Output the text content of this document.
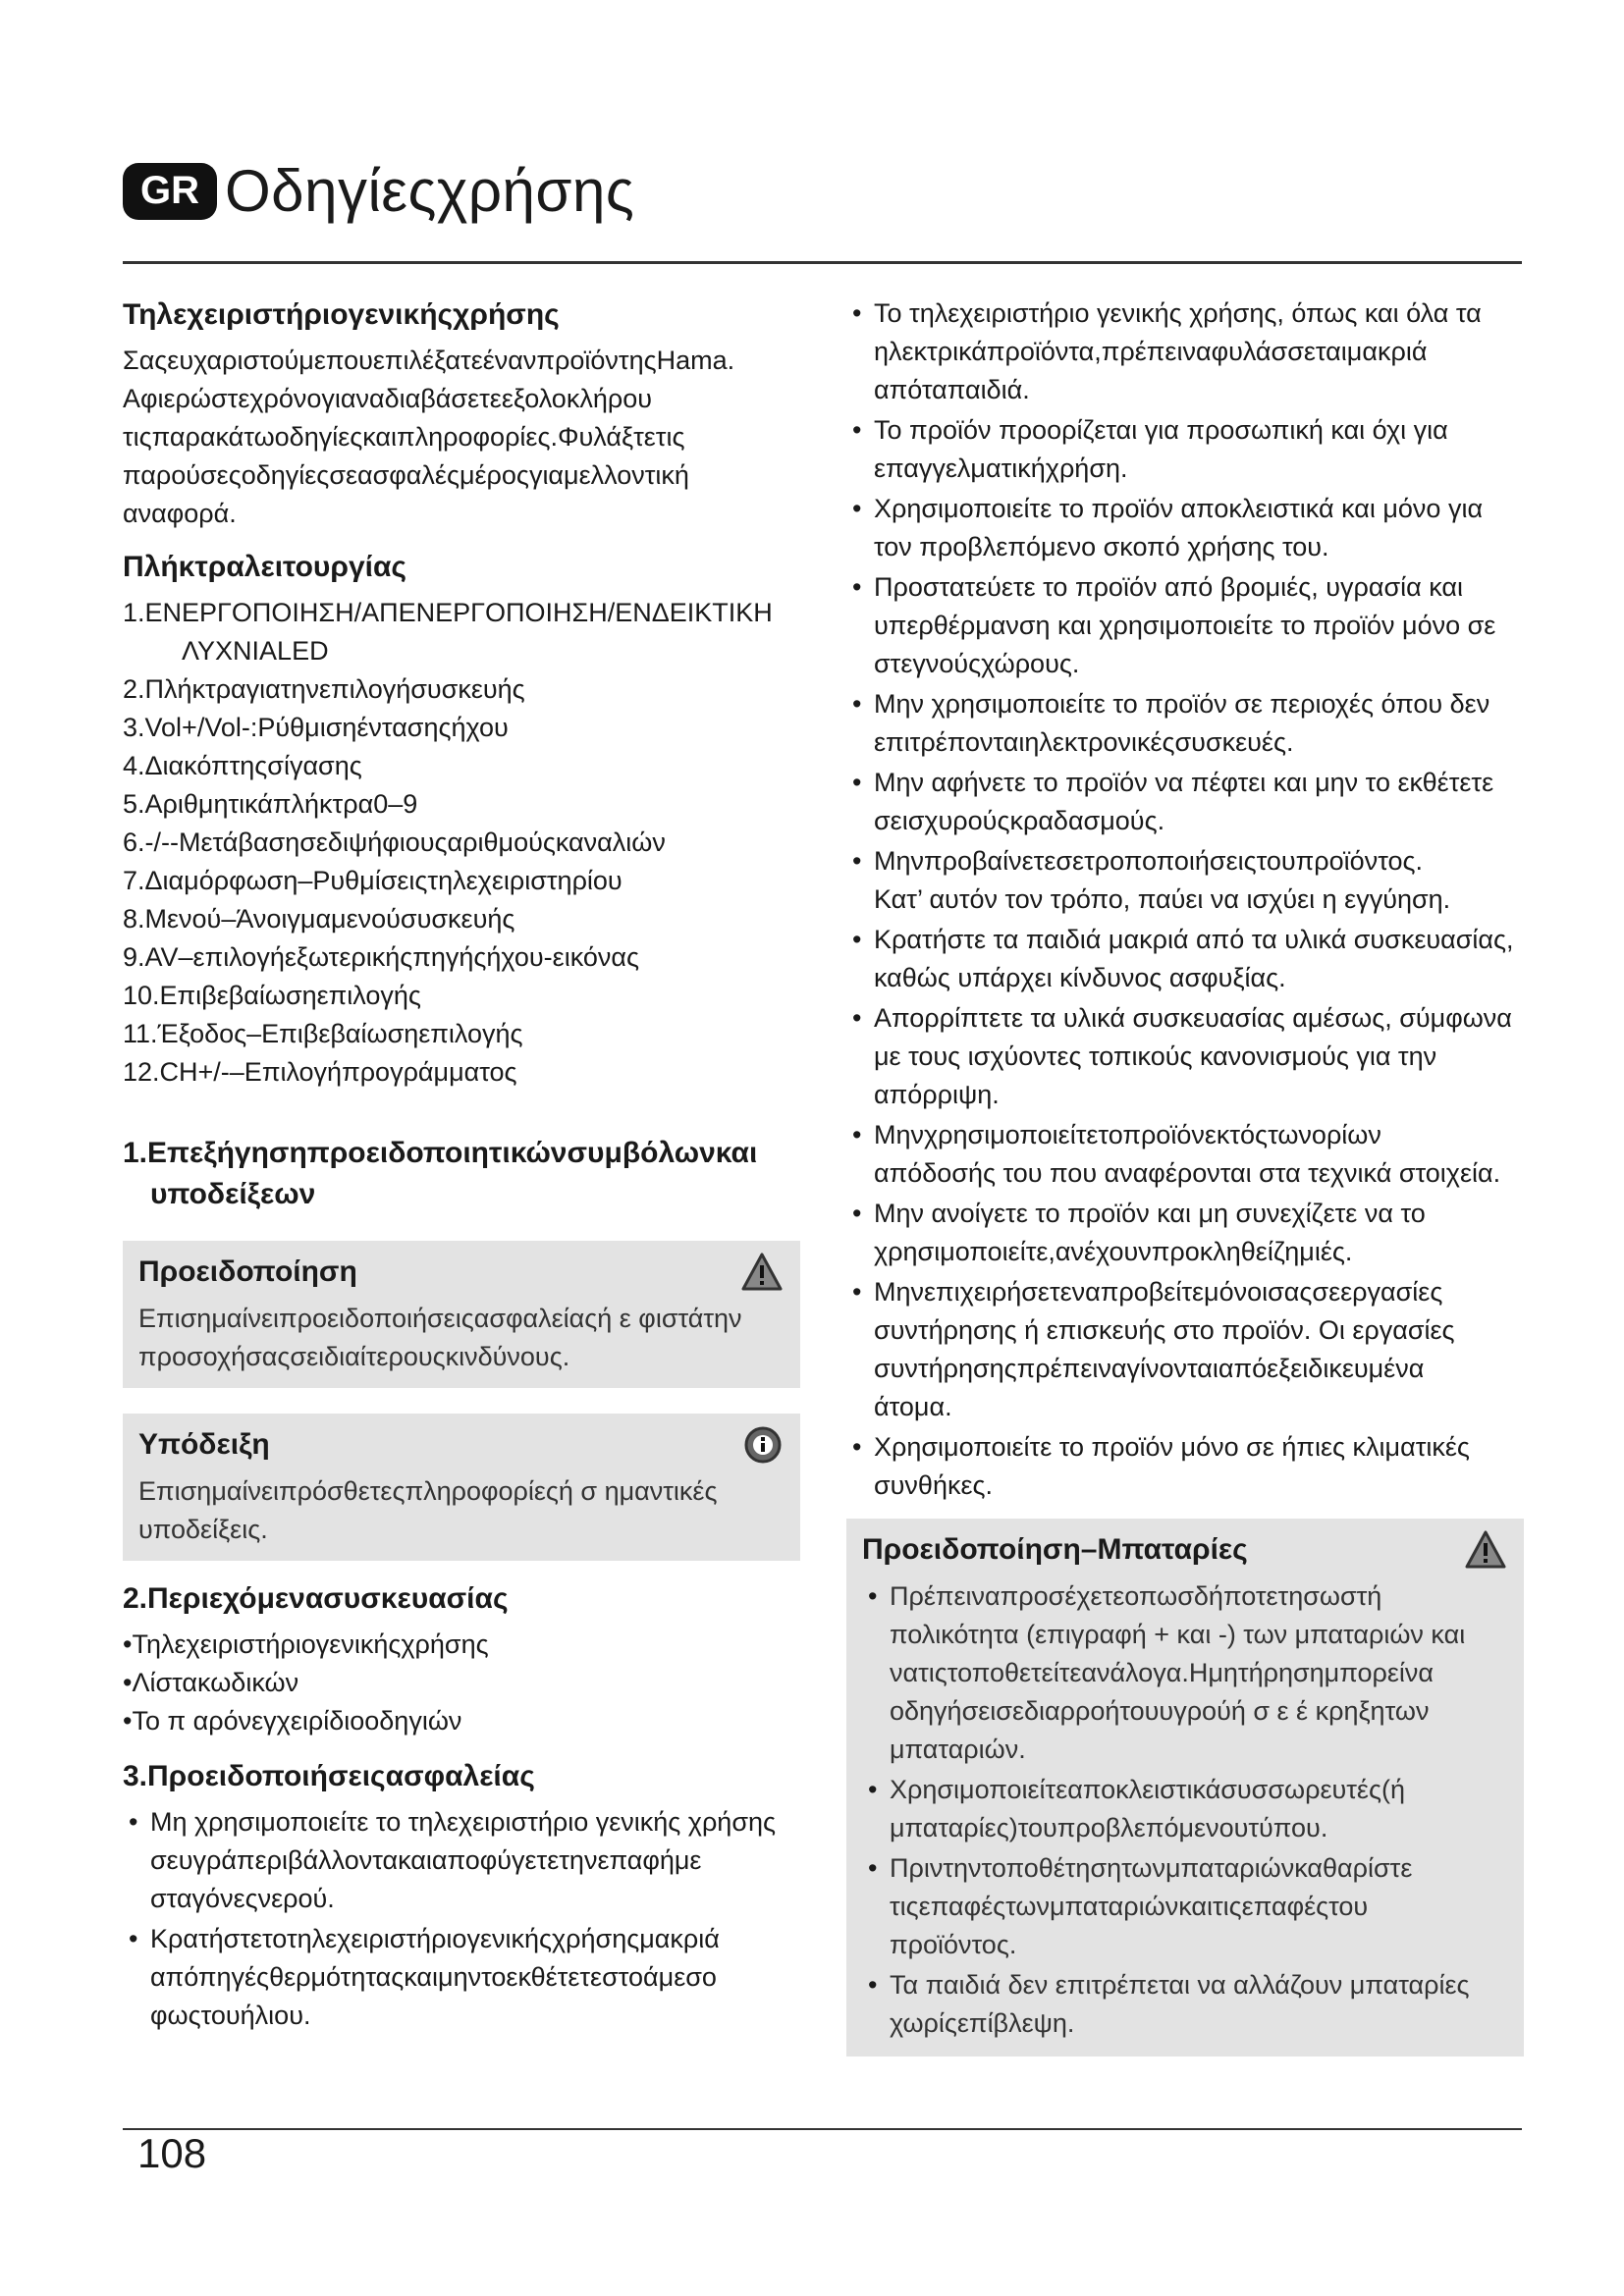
GR Οδηγίεςχρήσης
Τηλεχειριστήριογενικήςχρήσης

ΣαςευχαριστούμεπουεπιλέξατεένανπροϊόντηςHama.

Αφιερώστεχρόνογιαναδιαβάσετεεξολοκλήρου

τιςπαρακάτωοδηγίεςκαιπληροφορίες.Φυλάξτετις

παρούσεςοδηγίεςσεασφαλέςμέροςγιαμελλοντική

αναφορά.

Πλήκτραλειτουργίας
1.ΕΝΕΡΓΟΠΟΙΗΣΗ/ΑΠΕΝΕΡΓΟΠΟΙΗΣΗ/ΕΝΔΕΙΚΤΙΚΗ
ΛΥΧΝΙΑLED
2.Πλήκτραγιατηνεπιλογήσυσκευής
3.Vol+/Vol-:Ρύθμισηέντασηςήχου
4.Διακόπτηςσίγασης
5.Αριθμητικάπλήκτρα0–9
6.-/--Μετάβασησεδιψήφιουςαριθμούςκαναλιών
7.Διαμόρφωση–Ρυθμίσειςτηλεχειριστηρίου
8.Μενού–Άνοιγμαμενούσυσκευής
9.AV–επιλογήεξωτερικήςπηγήςήχου-εικόνας
10.Επιβεβαίωσηεπιλογής
11.Έξοδος–Επιβεβαίωσηεπιλογής
12.CH+/-–Επιλογήπρογράμματος
1.Επεξήγησηπροειδοποιητικώνσυμβόλωνκαι
υποδείξεων
Προειδοποίηση

Επισημαίνειπροειδοποιήσειςασφαλείαςή ε φιστάτην

προσοχήσαςσειδιαίτερουςκινδύνους.

Υπόδειξη

Επισημαίνειπρόσθετεςπληροφορίεςή σ ημαντικές

υποδείξεις.

2.Περιεχόμενασυσκευασίας
•Τηλεχειριστήριογενικήςχρήσης
•Λίστακωδικών
•Το π αρόνεγχειρίδιοοδηγιών
3.Προειδοποιήσειςασφαλείας

• Μη χρησιμοποιείτε το τηλεχειριστήριο γενικής χρήσης

σευγράπεριβάλλοντακαιαποφύγετετηνεπαφήμε

σταγόνεςνερού.

• Κρατήστετοτηλεχειριστήριογενικήςχρήσηςμακριά

απόπηγέςθερμότηταςκαιμηντοεκθέτετεστοάμεσο

φωςτουήλιου.

• Το τηλεχειριστήριο γενικής χρήσης, όπως και όλα τα

ηλεκτρικάπροϊόντα,πρέπειναφυλάσσεταιμακριά

απόταπαιδιά.

• Το προϊόν προορίζεται για προσωπική και όχι για

επαγγελματικήχρήση.

• Χρησιμοποιείτε το προϊόν αποκλειστικά και μόνο για

τον προβλεπόμενο σκοπό χρήσης του.

• Προστατεύετε το προϊόν από βρομιές, υγρασία και

υπερθέρμανση και χρησιμοποιείτε το προϊόν μόνο σε

στεγνούςχώρους.

• Μην χρησιμοποιείτε το προϊόν σε περιοχές όπου δεν

επιτρέπονταιηλεκτρονικέςσυσκευές.

• Μην αφήνετε το προϊόν να πέφτει και μην το εκθέτετε

σεισχυρούςκραδασμούς.

• Μηνπροβαίνετεσετροποποιήσειςτουπροϊόντος.

Κατ’ αυτόν τον τρόπο, παύει να ισχύει η εγγύηση.

• Κρατήστε τα παιδιά μακριά από τα υλικά συσκευασίας,

καθώς υπάρχει κίνδυνος ασφυξίας.

• Απορρίπτετε τα υλικά συσκευασίας αμέσως, σύμφωνα

με τους ισχύοντες τοπικούς κανονισμούς για την

απόρριψη.

• Μηνχρησιμοποιείτετοπροϊόνεκτόςτωνορίων

απόδοσής του που αναφέρονται στα τεχνικά στοιχεία.

• Μην ανοίγετε το προϊόν και μη συνεχίζετε να το

χρησιμοποιείτε,ανέχουνπροκληθείζημιές.

• Μηνεπιχειρήσετεναπροβείτεμόνοισαςσεεργασίες

συντήρησης ή επισκευής στο προϊόν. Οι εργασίες

συντήρησηςπρέπειναγίνονταιαπόεξειδικευμένα

άτομα.

• Χρησιμοποιείτε το προϊόν μόνο σε ήπιες κλιματικές

συνθήκες.

Προειδοποίηση–Μπαταρίες

• Πρέπειναπροσέχετεοπωσδήποτετησωστή

πολικότητα (επιγραφή + και -) των μπαταριών και

νατιςτοποθετείτεανάλογα.Ημητήρησημπορείνα

οδηγήσεισεδιαρροήτουυγρούή σ ε έ κρηξητων

μπαταριών.

• Χρησιμοποιείτεαποκλειστικάσυσσωρευτές(ή

μπαταρίες)τουπροβλεπόμενουτύπου.

• Πριντηντοποθέτησητωνμπαταριώνκαθαρίστε

τιςεπαφέςτωνμπαταριώνκαιτιςεπαφέςτου

προϊόντος.

• Τα παιδιά δεν επιτρέπεται να αλλάζουν μπαταρίες

χωρίςεπίβλεψη.

108
